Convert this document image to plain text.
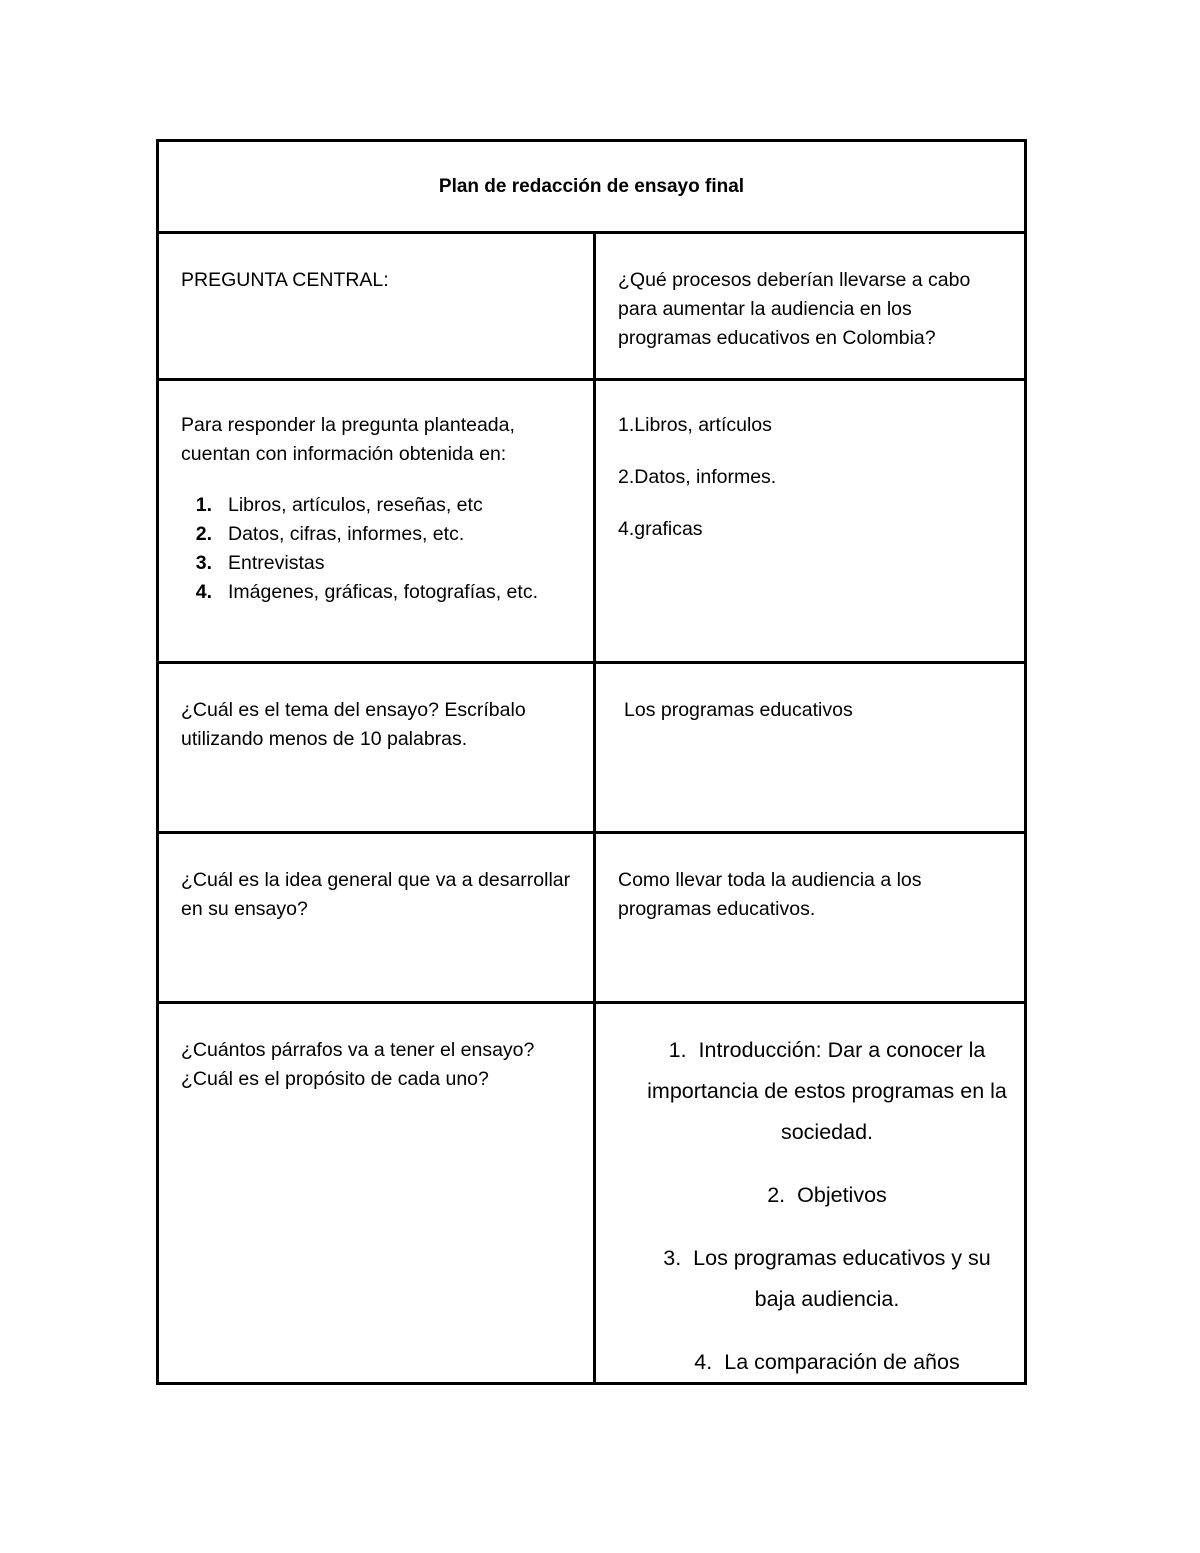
Plan de redacción de ensayo final
PREGUNTA CENTRAL:	¿Qué procesos deberían llevarse a cabo para aumentar la audiencia en los programas educativos en Colombia?
Para responder la pregunta planteada, cuentan con información obtenida en:
1. Libros, artículos, reseñas, etc
2. Datos, cifras, informes, etc.
3. Entrevistas
4. Imágenes, gráficas, fotografías, etc.
1.Libros, artículos
2.Datos, informes.
4.graficas
¿Cuál es el tema del ensayo? Escríbalo utilizando menos de 10 palabras.
Los programas educativos
¿Cuál es la idea general que va a desarrollar en su ensayo?
Como llevar toda la audiencia a los programas educativos.
¿Cuántos párrafos va a tener el ensayo? ¿Cuál es el propósito de cada uno?
1. Introducción: Dar a conocer la importancia de estos programas en la sociedad.
2. Objetivos
3. Los programas educativos y su baja audiencia.
4. La comparación de años
